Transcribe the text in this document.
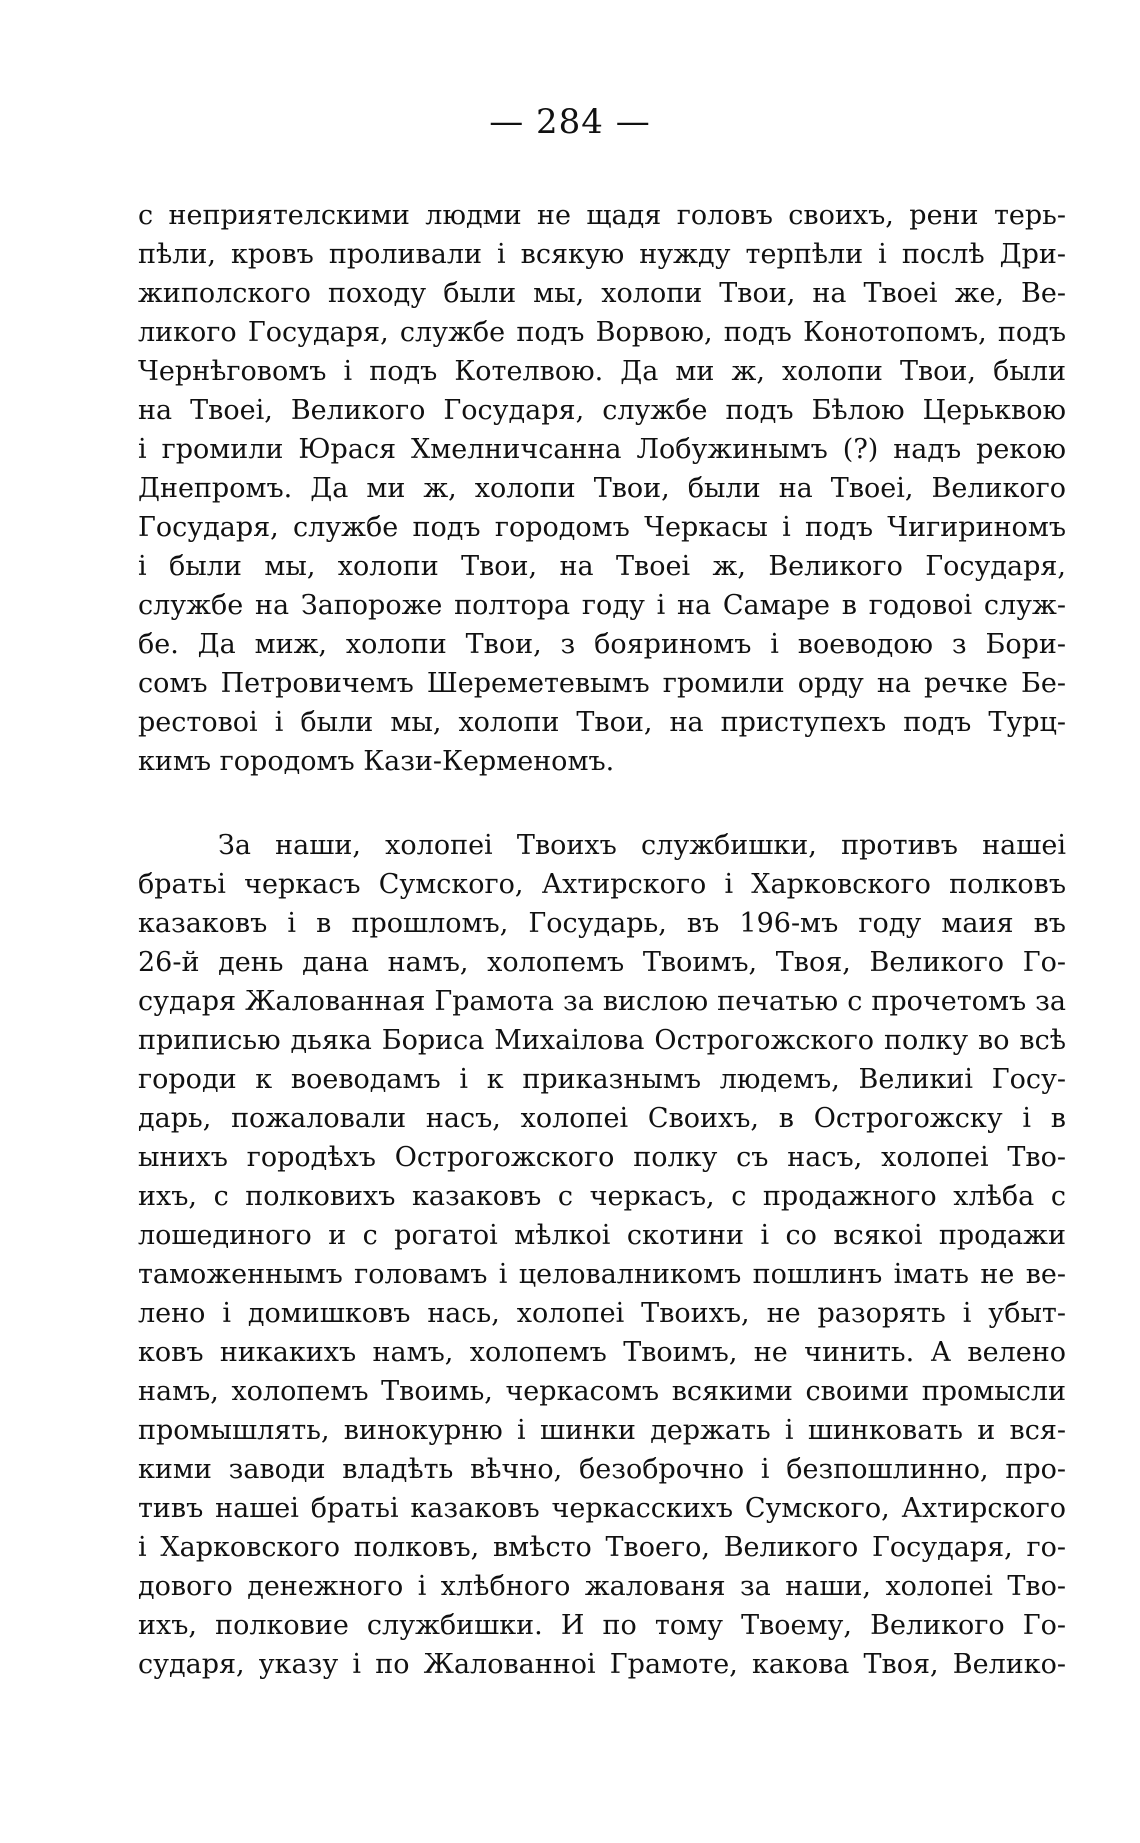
— 284 —
с неприятелскими людми не щадя головъ своихъ, рени терь-
пѣли, кровъ проливали і всякую нужду терпѣли і послѣ Дри-
жиполского походу были мы, холопи Твои, на Твоеі же, Ве-
ликого Государя, службе подъ Ворвою, подъ Конотопомъ, подъ
Чернѣговомъ і подъ Котелвою. Да ми ж, холопи Твои, были
на Твоеі, Великого Государя, службе подъ Бѣлою Церьквою
і громили Юрася Хмелничсанна Лобужинымъ (?) надъ рекою
Днепромъ. Да ми ж, холопи Твои, были на Твоеі, Великого
Государя, службе подъ городомъ Черкасы і подъ Чигириномъ
і были мы, холопи Твои, на Твоеі ж, Великого Государя,
службе на Запороже полтора году і на Самаре в годовоі служ-
бе. Да миж, холопи Твои, з бояриномъ і воеводою з Бори-
сомъ Петровичемъ Шереметевымъ громили орду на речке Бе-
рестовоі і были мы, холопи Твои, на приступехъ подъ Турц-
кимъ городомъ Кази-Керменомъ.
За наши, холопеі Твоихъ службишки, противъ нашеі
братьі черкасъ Сумского, Ахтирского і Харковского полковъ
казаковъ і в прошломъ, Государь, въ 196-мъ году маия въ
26-й день дана намъ, холопемъ Твоимъ, Твоя, Великого Го-
сударя Жалованная Грамота за вислою печатью с прочетомъ за
приписью дьяка Бориса Михаілова Острогожского полку во всѣ
городи к воеводамъ і к приказнымъ людемъ, Великиі Госу-
дарь, пожаловали насъ, холопеі Своихъ, в Острогожску і в
ынихъ городѣхъ Острогожского полку съ насъ, холопеі Тво-
ихъ, с полковихъ казаковъ с черкасъ, с продажного хлѣба с
лошединого и с рогатоі мѣлкоі скотини і со всякоі продажи
таможеннымъ головамъ і целовалникомъ пошлинъ імать не ве-
лено і домишковъ нась, холопеі Твоихъ, не разорять і убыт-
ковъ никакихъ намъ, холопемъ Твоимъ, не чинить. А велено
намъ, холопемъ Твоимь, черкасомъ всякими своими промысли
промышлять, винокурню і шинки держать і шинковать и вся-
кими заводи владѣть вѣчно, безоброчно і безпошлинно, про-
тивъ нашеі братьі казаковъ черкасскихъ Сумского, Ахтирского
і Харковского полковъ, вмѣсто Твоего, Великого Государя, го-
дового денежного і хлѣбного жалованя за наши, холопеі Тво-
ихъ, полковие службишки. И по тому Твоему, Великого Го-
сударя, указу і по Жалованноі Грамоте, какова Твоя, Велико-
